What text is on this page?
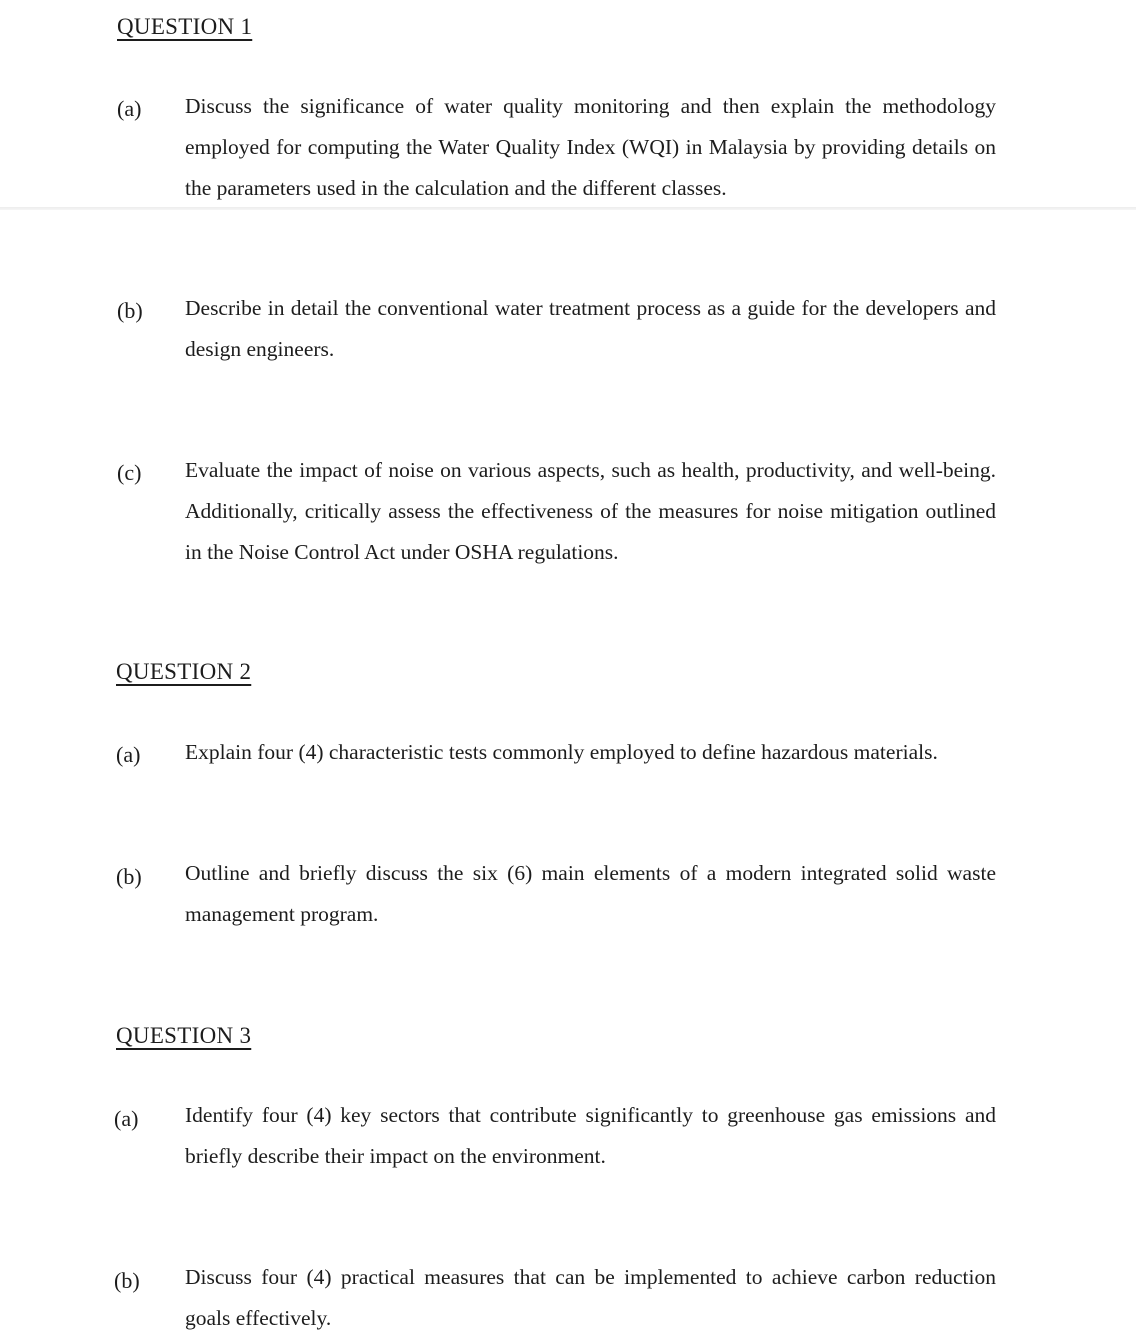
QUESTION 1
(a) Discuss the significance of water quality monitoring and then explain the methodology employed for computing the Water Quality Index (WQI) in Malaysia by providing details on the parameters used in the calculation and the different classes.
(b) Describe in detail the conventional water treatment process as a guide for the developers and design engineers.
(c) Evaluate the impact of noise on various aspects, such as health, productivity, and well-being. Additionally, critically assess the effectiveness of the measures for noise mitigation outlined in the Noise Control Act under OSHA regulations.
QUESTION 2
(a) Explain four (4) characteristic tests commonly employed to define hazardous materials.
(b) Outline and briefly discuss the six (6) main elements of a modern integrated solid waste management program.
QUESTION 3
(a) Identify four (4) key sectors that contribute significantly to greenhouse gas emissions and briefly describe their impact on the environment.
(b) Discuss four (4) practical measures that can be implemented to achieve carbon reduction goals effectively.
